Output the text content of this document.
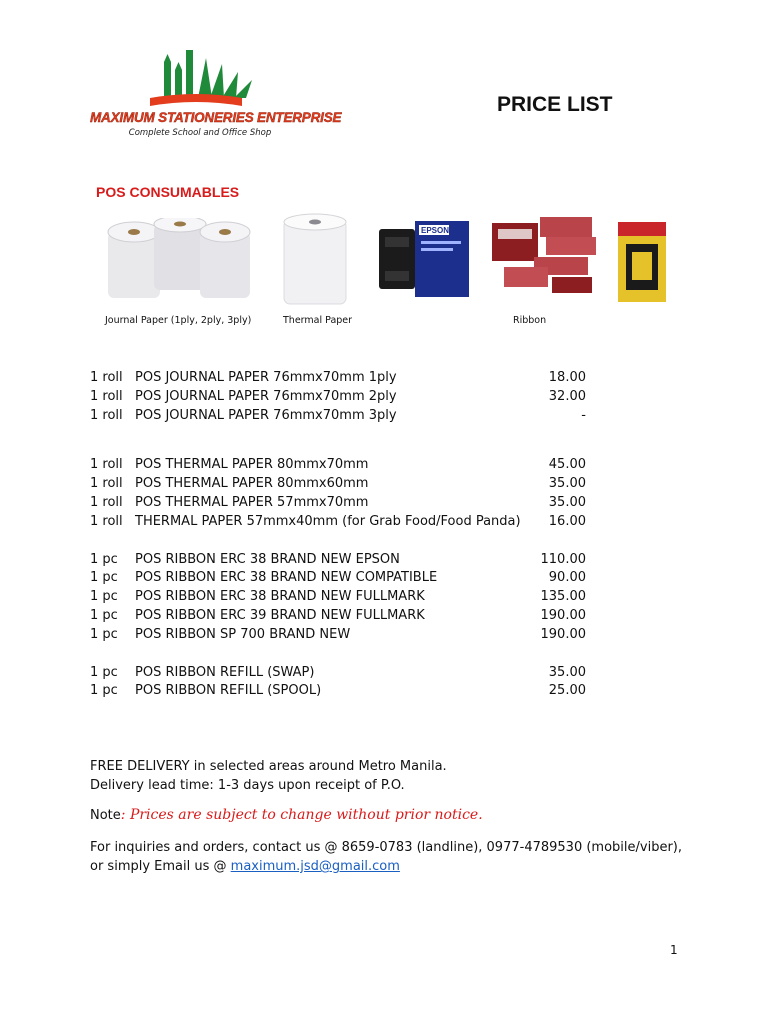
MAXIMUM STATIONERIES ENTERPRISE
Complete School and Office Shop
PRICE LIST
POS CONSUMABLES
EPSON
Journal Paper (1ply, 2ply, 3ply)	Thermal Paper	Ribbon
1 roll POS JOURNAL PAPER 76mmx70mm 1ply	18.00
1 roll POS JOURNAL PAPER 76mmx70mm 2ply	32.00
1 roll POS JOURNAL PAPER 76mmx70mm 3ply	-
1 roll POS THERMAL PAPER 80mmx70mm	45.00
1 roll POS THERMAL PAPER 80mmx60mm	35.00
1 roll POS THERMAL PAPER 57mmx70mm	35.00
1 roll THERMAL PAPER 57mmx40mm (for Grab Food/Food Panda) 16.00
1 pc POS RIBBON ERC 38 BRAND NEW EPSON	110.00
1 pc POS RIBBON ERC 38 BRAND NEW COMPATIBLE	90.00
1 pc POS RIBBON ERC 38 BRAND NEW FULLMARK	135.00
1 pc POS RIBBON ERC 39 BRAND NEW FULLMARK	190.00
1 pc POS RIBBON SP 700 BRAND NEW	190.00
1 pc POS RIBBON REFILL (SWAP)	35.00
1 pc POS RIBBON REFILL (SPOOL)	25.00
FREE DELIVERY in selected areas around Metro Manila.
Delivery lead time: 1-3 days upon receipt of P.O.
Note: Prices are subject to change without prior notice.
For inquiries and orders, contact us @ 8659-0783 (landline), 0977-4789530 (mobile/viber),
or simply Email us @ maximum.jsd@gmail.com
1
